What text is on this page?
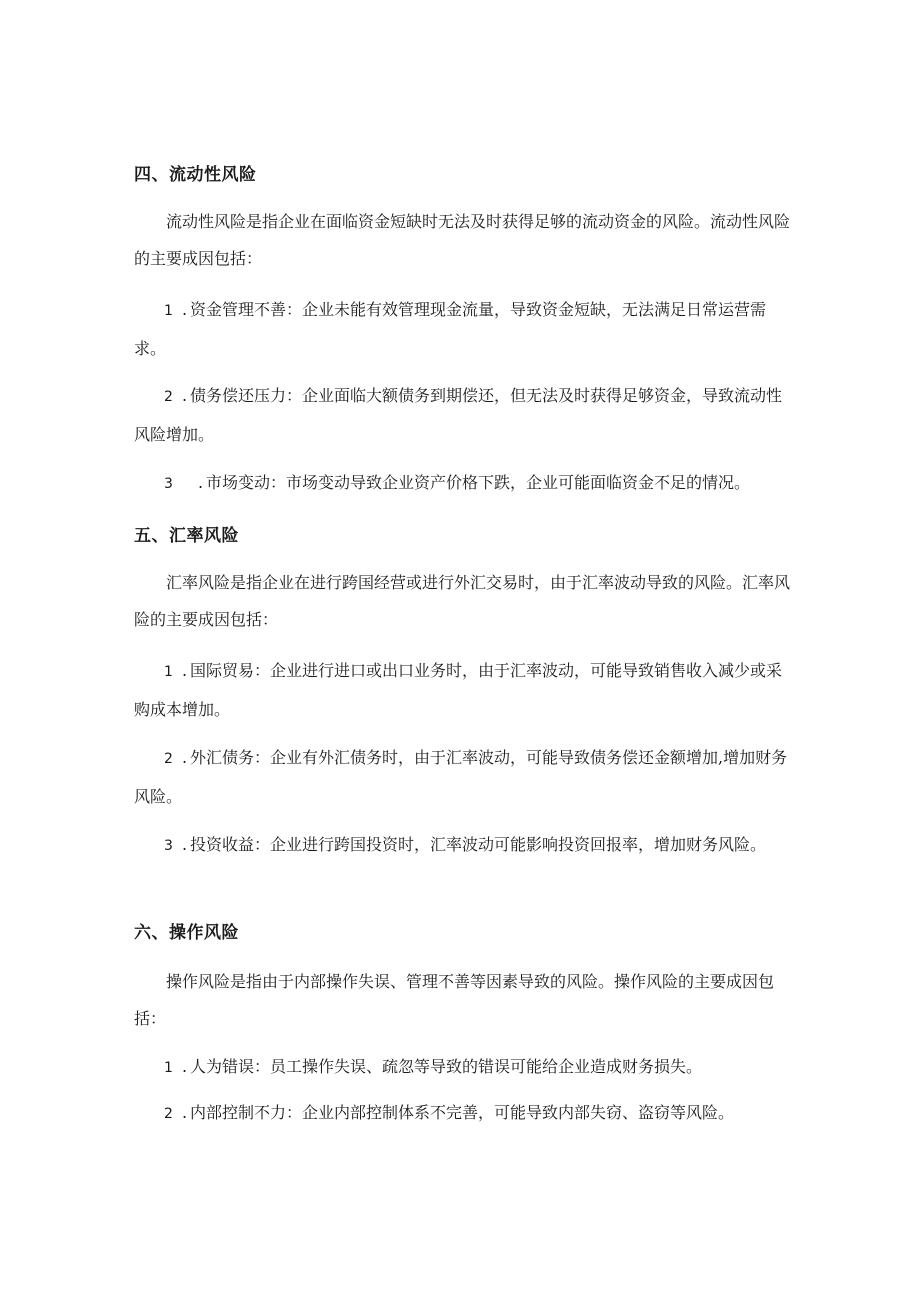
四、流动性风险
流动性风险是指企业在面临资金短缺时无法及时获得足够的流动资金的风险。流动性风险的主要成因包括：
1 . 资金管理不善：企业未能有效管理现金流量，导致资金短缺，无法满足日常运营需求。
2 . 债务偿还压力：企业面临大额债务到期偿还，但无法及时获得足够资金，导致流动性风险增加。
3 . 市场变动：市场变动导致企业资产价格下跌，企业可能面临资金不足的情况。
五、汇率风险
汇率风险是指企业在进行跨国经营或进行外汇交易时，由于汇率波动导致的风险。汇率风险的主要成因包括：
1 . 国际贸易：企业进行进口或出口业务时，由于汇率波动，可能导致销售收入减少或采购成本增加。
2 . 外汇债务：企业有外汇债务时，由于汇率波动，可能导致债务偿还金额增加,增加财务风险。
3 . 投资收益：企业进行跨国投资时，汇率波动可能影响投资回报率，增加财务风险。
六、操作风险
操作风险是指由于内部操作失误、管理不善等因素导致的风险。操作风险的主要成因包括：
1 . 人为错误：员工操作失误、疏忽等导致的错误可能给企业造成财务损失。
2 . 内部控制不力：企业内部控制体系不完善，可能导致内部失窃、盗窃等风险。
